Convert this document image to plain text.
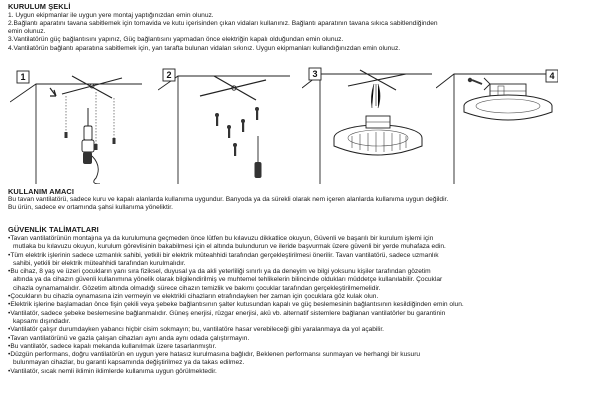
KURULUM ŞEKLİ
1. Uygun ekipmanlar ile uygun yere montaj yaptığınızdan emin olunuz.
2.Bağlantı aparatını tavana sabitlemek için tornavida ve kutu içerisinden çıkan vidaları kullanınız. Bağlantı aparatının tavana sıkıca sabitlendiğinden
emin olunuz.
3.Vantilatörün güç bağlantısını yapınız, Güç bağlantısını yapmadan önce elektriğin kapalı olduğundan emin olunuz.
4.Vantilatörün bağlantı aparatına sabitlemek için, yan tarafta bulunan vidaları sıkınız. Uygun ekipmanları kullandığınızdan emin olunuz.
1	2	3	4
KULLANIM AMACI
Bu tavan vantilatörü, sadece kuru ve kapalı alanlarda kullanıma uygundur. Banyoda ya da sürekli olarak nem içeren alanlarda kullanıma uygun değildir.
Bu ürün, sadece ev ortamında şahsi kullanıma yöneliktir.
GÜVENLİK TALİMATLARI
• Tavan vantilatörünün montajına ya da kurulumuna geçmeden önce lütfen bu kılavuzu dikkatlice okuyun, Güvenli ve başarılı bir kurulum işlemi için
mutlaka bu kılavuzu okuyun, kurulum görevlisinin bakabilmesi için el altında bulundurun ve ileride başvurmak üzere güvenli bir yerde muhafaza edin.
• Tüm elektrik işlerinin sadece uzmanlık sahibi, yetkili bir elektrik müteahhidi tarafından gerçekleştirilmesi önerilir. Tavan vantilatörü, sadece uzmanlık
sahibi, yetkili bir elektrik müteahhidi tarafından kurulmalıdır.
• Bu cihaz, 8 yaş ve üzeri çocukların yanı sıra fiziksel, duyusal ya da akli yeterliliği sınırlı ya da deneyim ve bilgi yoksunu kişiler tarafından gözetim
altında ya da cihazın güvenli kullanımına yönelik olarak bilgilendirilmiş ve muhtemel tehlikelerin bilincinde oldukları müddetçe kullanılabilir. Çocuklar
cihazla oynamamalıdır. Gözetim altında olmadığı sürece cihazın temizlik ve bakımı çocuklar tarafından gerçekleştirilmemelidir.
• Çocukların bu cihazla oynamasına izin vermeyin ve elektrikli cihazların etrafındayken her zaman için çocuklara göz kulak olun.
• Elektrik işlerine başlamadan önce fişin çekili veya şebeke bağlantısının şalter kutusundan kapalı ve güç beslemesinin bağlantısının kesildiğinden emin olun.
• Vantilatör, sadece şebeke beslemesine bağlanmalıdır. Güneş enerjisi, rüzgar enerjisi, akü vb. alternatif sistemlere bağlanan vantilatörler bu garantinin
kapsamı dışındadır.
• Vantilatör çalışır durumdayken yabancı hiçbir cisim sokmayın; bu, vantilatöre hasar verebileceği gibi yaralanmaya da yol açabilir.
• Tavan vantilatörünü ve gazla çalışan cihazları aynı anda aynı odada çalıştırmayın.
• Bu vantilatör, sadece kapalı mekanda kullanılmak üzere tasarlanmıştır.
• Düzgün performans, doğru vantilatörün en uygun yere hatasız kurulmasına bağlıdır, Beklenen performansı sunmayan ve herhangi bir kusuru
bulunmayan cihazlar, bu garanti kapsamında değiştirilmez ya da takas edilmez.
• Vantilatör, sıcak nemli iklimin iklimlerde kullanıma uygun görülmektedir.
